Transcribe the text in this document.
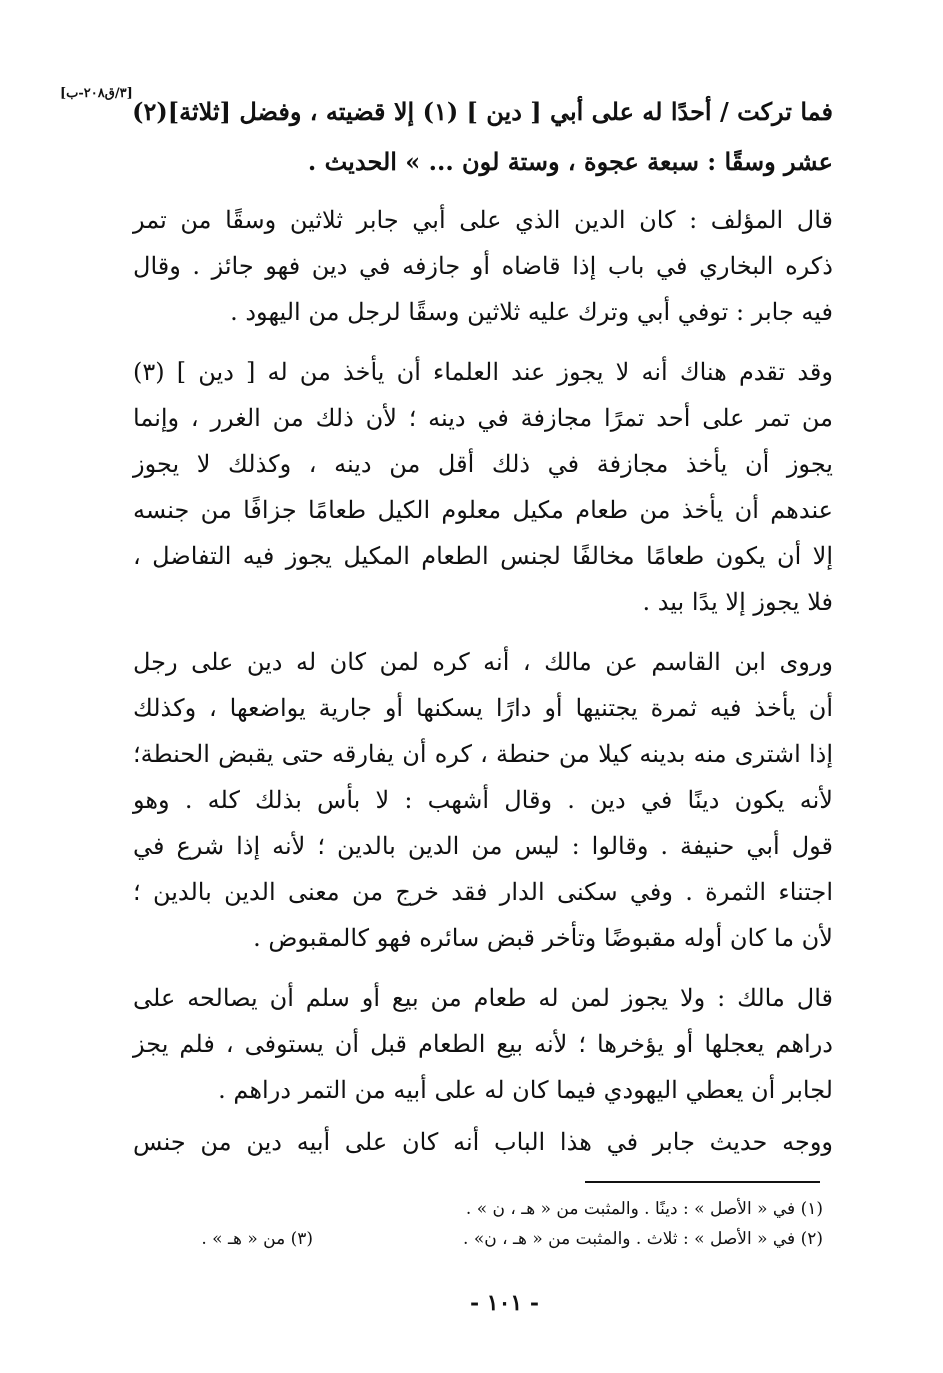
[٣/ق٢٠٨-ب]
فما تركت / أحدًا له على أبي [ دين ] (١) إلا قضيته ، وفضل [ثلاثة](٢)
عشر وسقًا : سبعة عجوة ، وستة لون ... » الحديث .
قال المؤلف : كان الدين الذي على أبي جابر ثلاثين وسقًا من تمر
ذكره البخاري في باب إذا قاضاه أو جازفه في دين فهو جائز . وقال
فيه جابر : توفي أبي وترك عليه ثلاثين وسقًا لرجل من اليهود .
وقد تقدم هناك أنه لا يجوز عند العلماء أن يأخذ من له [ دين ] (٣)
من تمر على أحد تمرًا مجازفة في دينه ؛ لأن ذلك من الغرر ، وإنما
يجوز أن يأخذ مجازفة في ذلك أقل من دينه ، وكذلك لا يجوز
عندهم أن يأخذ من طعام مكيل معلوم الكيل طعامًا جزافًا من جنسه
إلا أن يكون طعامًا مخالفًا لجنس الطعام المكيل يجوز فيه التفاضل ،
فلا يجوز إلا يدًا بيد .
وروى ابن القاسم عن مالك ، أنه كره لمن كان له دين على رجل
أن يأخذ فيه ثمرة يجتنيها أو دارًا يسكنها أو جارية يواضعها ، وكذلك
إذا اشترى منه بدينه كيلا من حنطة ، كره أن يفارقه حتى يقبض الحنطة؛
لأنه يكون دينًا في دين . وقال أشهب : لا بأس بذلك كله . وهو
قول أبي حنيفة . وقالوا : ليس من الدين بالدين ؛ لأنه إذا شرع في
اجتناء الثمرة . وفي سكنى الدار فقد خرج من معنى الدين بالدين ؛
لأن ما كان أوله مقبوضًا وتأخر قبض سائره فهو كالمقبوض .
قال مالك : ولا يجوز لمن له طعام من بيع أو سلم أن يصالحه على
دراهم يعجلها أو يؤخرها ؛ لأنه بيع الطعام قبل أن يستوفى ، فلم يجز
لجابر أن يعطي اليهودي فيما كان له على أبيه من التمر دراهم .
ووجه حديث جابر في هذا الباب أنه كان على أبيه دين من جنس
(١) في « الأصل » : دينًا . والمثبت من « هـ ، ن » .
(٢) في « الأصل » : ثلاث . والمثبت من « هـ ، ن» .
(٣) من « هـ » .
- ١٠١ -
